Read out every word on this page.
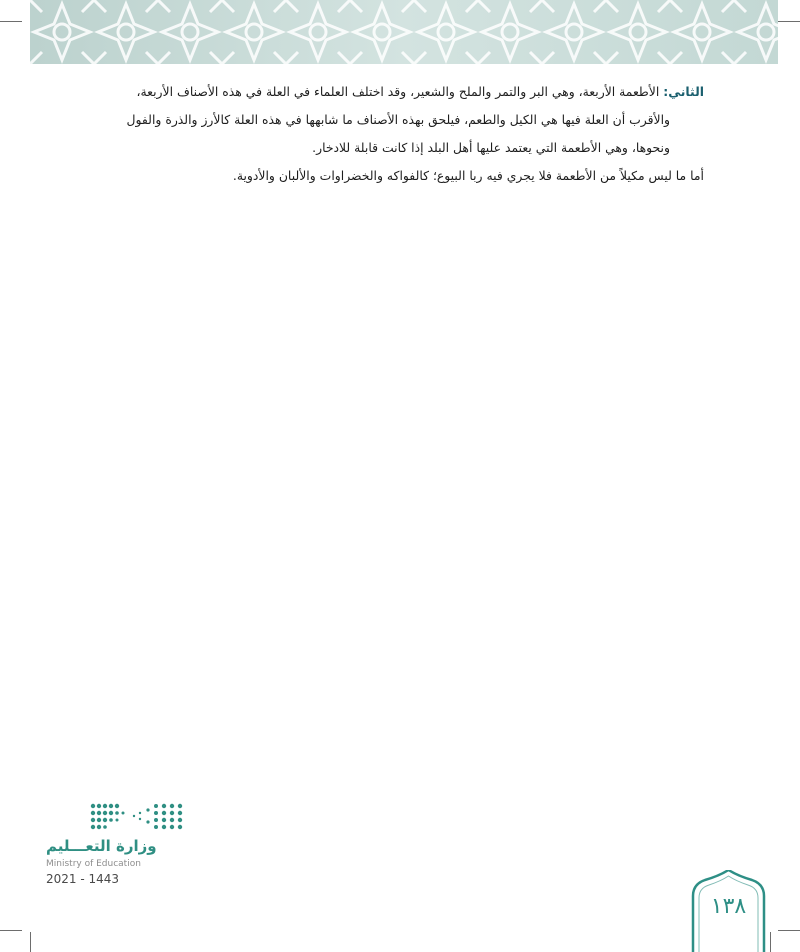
الثاني: الأطعمة الأربعة، وهي البر والتمر والملح والشعير، وقد اختلف العلماء في العلة في هذه الأصناف الأربعة،

والأقرب أن العلة فيها هي الكيل والطعم، فيلحق بهذه الأصناف ما شابهها في هذه العلة كالأرز والذرة والفول

ونحوها، وهي الأطعمة التي يعتمد عليها أهل البلد إذا كانت قابلة للادخار.

أما ما ليس مكيلاً من الأطعمة فلا يجري فيه ربا البيوع؛ كالفواكه والخضراوات والألبان والأدوية.

وزارة التعـــليم
Ministry of Education
2021 - 1443
١٣٨
